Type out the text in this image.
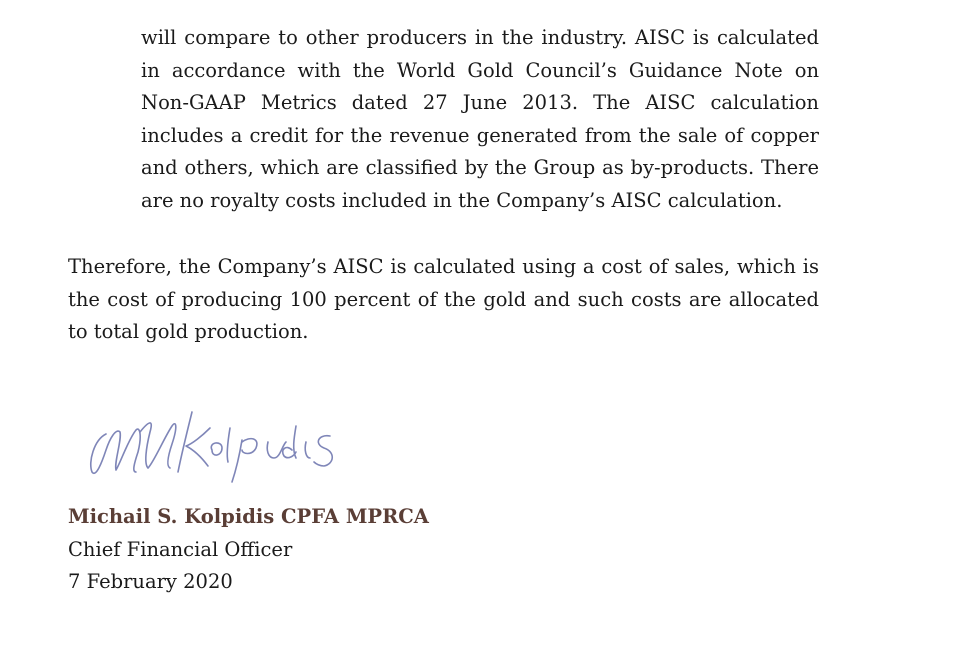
will compare to other producers in the industry. AISC is calculated in accordance with the World Gold Council’s Guidance Note on Non-GAAP Metrics dated 27 June 2013. The AISC calculation includes a credit for the revenue generated from the sale of copper and others, which are classified by the Group as by-products. There are no royalty costs included in the Company’s AISC calculation.

Therefore, the Company’s AISC is calculated using a cost of sales, which is the cost of producing 100 percent of the gold and such costs are allocated to total gold production.

Michail S. Kolpidis CPFA MPRCA
Chief Financial Officer
7 February 2020
